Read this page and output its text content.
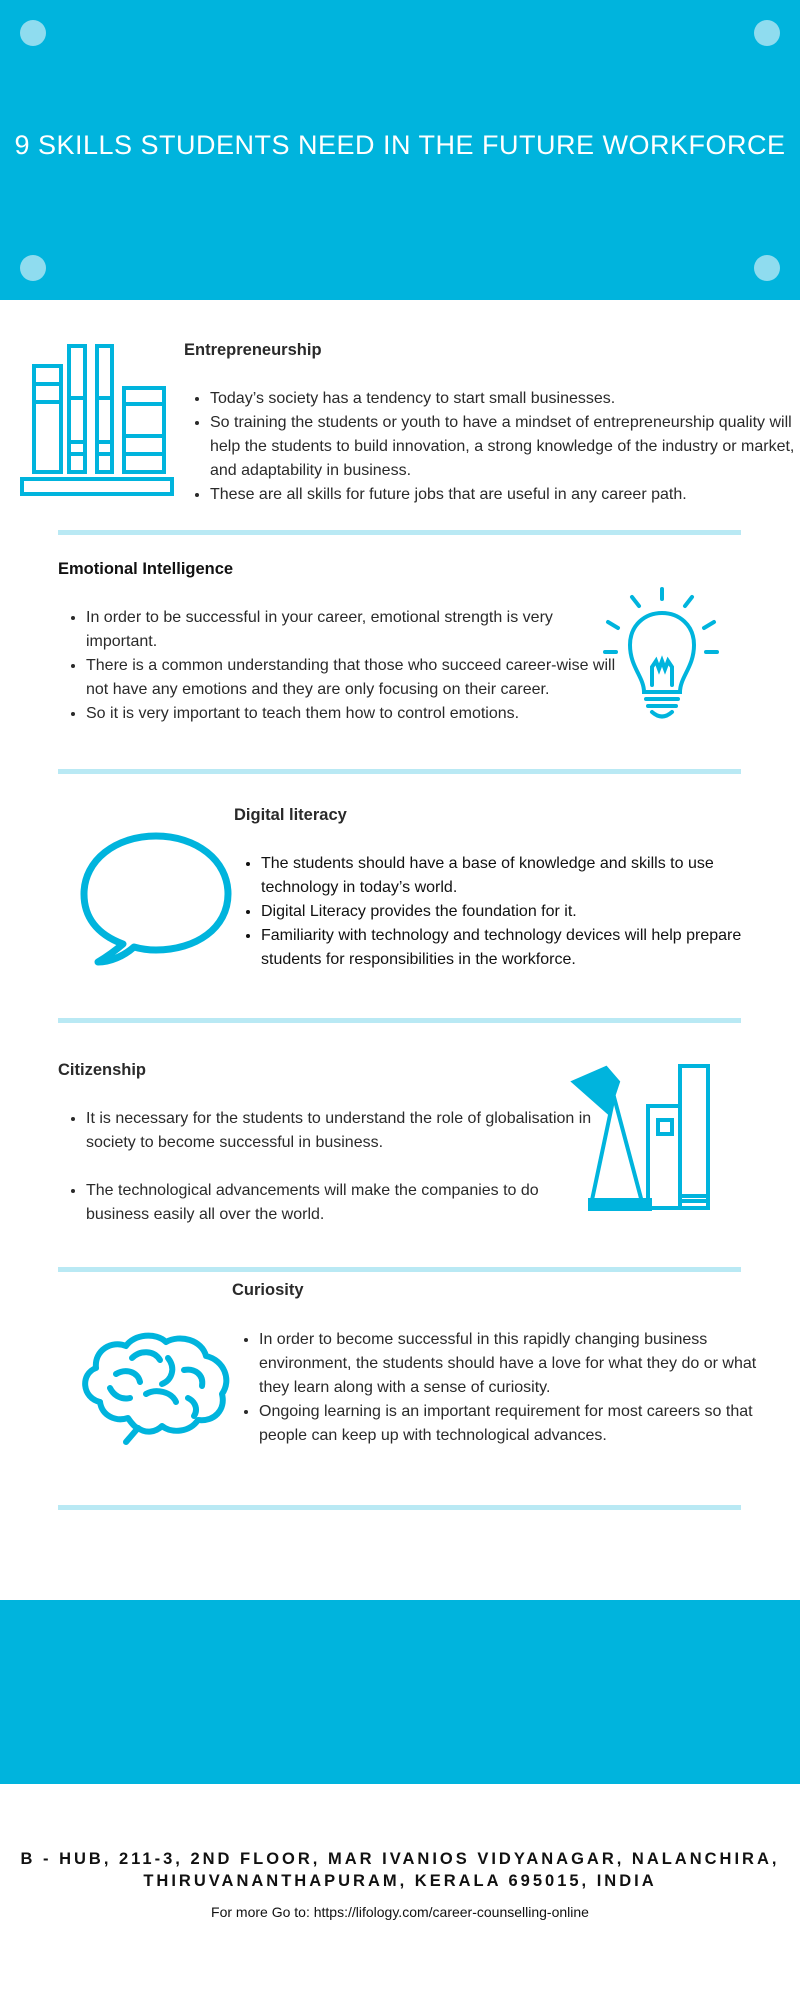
9 SKILLS STUDENTS NEED IN THE FUTURE WORKFORCE
Entrepreneurship
• Today’s society has a tendency to start small businesses.
• So training the students or youth to have a mindset of entrepreneurship quality will help the students to build innovation, a strong knowledge of the industry or market, and adaptability in business.
• These are all skills for future jobs that are useful in any career path.
Emotional Intelligence
• In order to be successful in your career, emotional strength is very important.
• There is a common understanding that those who succeed career-wise will not have any emotions and they are only focusing on their career.
• So it is very important to teach them how to control emotions.
Digital literacy
• The students should have a base of knowledge and skills to use technology in today’s world.
• Digital Literacy provides the foundation for it.
• Familiarity with technology and technology devices will help prepare students for responsibilities in the workforce.
Citizenship
• It is necessary for the students to understand the role of globalisation in society to become successful in business.
• The technological advancements will make the companies to do business easily all over the world.
Curiosity
• In order to become successful in this rapidly changing business environment, the students should have a love for what they do or what they learn along with a sense of curiosity.
• Ongoing learning is an important requirement for most careers so that people can keep up with technological advances.
B - HUB, 211-3, 2ND FLOOR, MAR IVANIOS VIDYANAGAR, NALANCHIRA,
THIRUVANANTHAPURAM, KERALA 695015, INDIA
For more Go to: https://lifology.com/career-counselling-online
